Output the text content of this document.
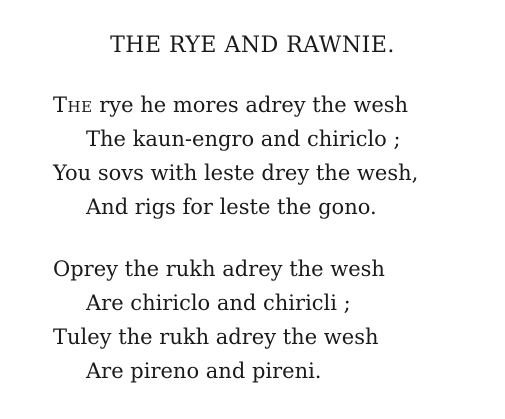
THE RYE AND RAWNIE.
The rye he mores adrey the wesh
The kaun-engro and chiriclo ;
You sovs with leste drey the wesh,
And rigs for leste the gono.
Oprey the rukh adrey the wesh
Are chiriclo and chiricli ;
Tuley the rukh adrey the wesh
Are pireno and pireni.
